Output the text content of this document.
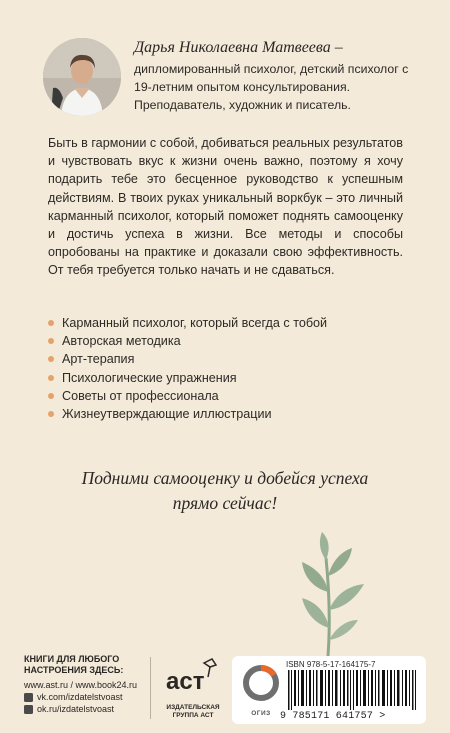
Дарья Николаевна Матвеева –

дипломированный психолог, детский психолог с 19-летним опытом консультирования. Преподаватель, художник и писатель.

Быть в гармонии с собой, добиваться реальных результатов и чувствовать вкус к жизни очень важно, поэтому я хочу подарить тебе это бесценное руководство к успешным действиям. В твоих руках уникальный воркбук – это личный карманный психолог, который поможет поднять самооценку и достичь успеха в жизни. Все методы и способы опробованы на практике и доказали свою эффективность. От тебя требуется только начать и не сдаваться.

Карманный психолог, который всегда с тобой
Авторская методика
Арт-терапия
Психологические упражнения
Советы от профессионала
Жизнеутверждающие иллюстрации
Подними самооценку и добейся успеха
прямо сейчас!

КНИГИ ДЛЯ ЛЮБОГО

НАСТРОЕНИЯ ЗДЕСЬ:

www.ast.ru / www.book24.ru
vk.com/izdatelstvoast
ok.ru/izdatelstvoast
аст
ИЗДАТЕЛЬСКАЯ
ГРУППА АСТ	ОГИЗ
ISBN 978-5-17-164175-7
9 785171 641757 >
